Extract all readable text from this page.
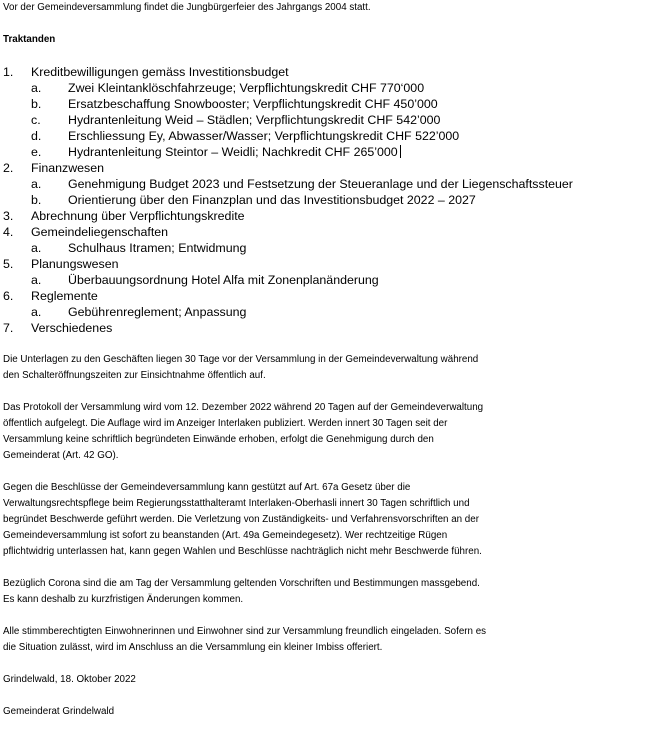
Vor der Gemeindeversammlung findet die Jungbürgerfeier des Jahrgangs 2004 statt.
Traktanden
1. Kreditbewilligungen gemäss Investitionsbudget
a. Zwei Kleintanklöschfahrzeuge; Verpflichtungskredit CHF 770‘000
b. Ersatzbeschaffung Snowbooster; Verpflichtungskredit CHF 450’000
c. Hydrantenleitung Weid – Städlen; Verpflichtungskredit CHF 542’000
d. Erschliessung Ey, Abwasser/Wasser; Verpflichtungskredit CHF 522’000
e. Hydrantenleitung Steintor – Weidli; Nachkredit CHF 265’000
2. Finanzwesen
a. Genehmigung Budget 2023 und Festsetzung der Steueranlage und der Liegenschaftssteuer
b. Orientierung über den Finanzplan und das Investitionsbudget 2022 – 2027
3. Abrechnung über Verpflichtungskredite
4. Gemeindeliegenschaften
a. Schulhaus Itramen; Entwidmung
5. Planungswesen
a. Überbauungsordnung Hotel Alfa mit Zonenplanänderung
6. Reglemente
a. Gebührenreglement; Anpassung
7. Verschiedenes
Die Unterlagen zu den Geschäften liegen 30 Tage vor der Versammlung in der Gemeindeverwaltung während
den Schalteröffnungszeiten zur Einsichtnahme öffentlich auf.
Das Protokoll der Versammlung wird vom 12. Dezember 2022 während 20 Tagen auf der Gemeindeverwaltung
öffentlich aufgelegt. Die Auflage wird im Anzeiger Interlaken publiziert. Werden innert 30 Tagen seit der
Versammlung keine schriftlich begründeten Einwände erhoben, erfolgt die Genehmigung durch den
Gemeinderat (Art. 42 GO).
Gegen die Beschlüsse der Gemeindeversammlung kann gestützt auf Art. 67a Gesetz über die
Verwaltungsrechtspflege beim Regierungsstatthalteramt Interlaken-Oberhasli innert 30 Tagen schriftlich und
begründet Beschwerde geführt werden. Die Verletzung von Zuständigkeits- und Verfahrensvorschriften an der
Gemeindeversammlung ist sofort zu beanstanden (Art. 49a Gemeindegesetz). Wer rechtzeitige Rügen
pflichtwidrig unterlassen hat, kann gegen Wahlen und Beschlüsse nachträglich nicht mehr Beschwerde führen.
Bezüglich Corona sind die am Tag der Versammlung geltenden Vorschriften und Bestimmungen massgebend.
Es kann deshalb zu kurzfristigen Änderungen kommen.
Alle stimmberechtigten Einwohnerinnen und Einwohner sind zur Versammlung freundlich eingeladen. Sofern es
die Situation zulässt, wird im Anschluss an die Versammlung ein kleiner Imbiss offeriert.
Grindelwald, 18. Oktober 2022
Gemeinderat Grindelwald
